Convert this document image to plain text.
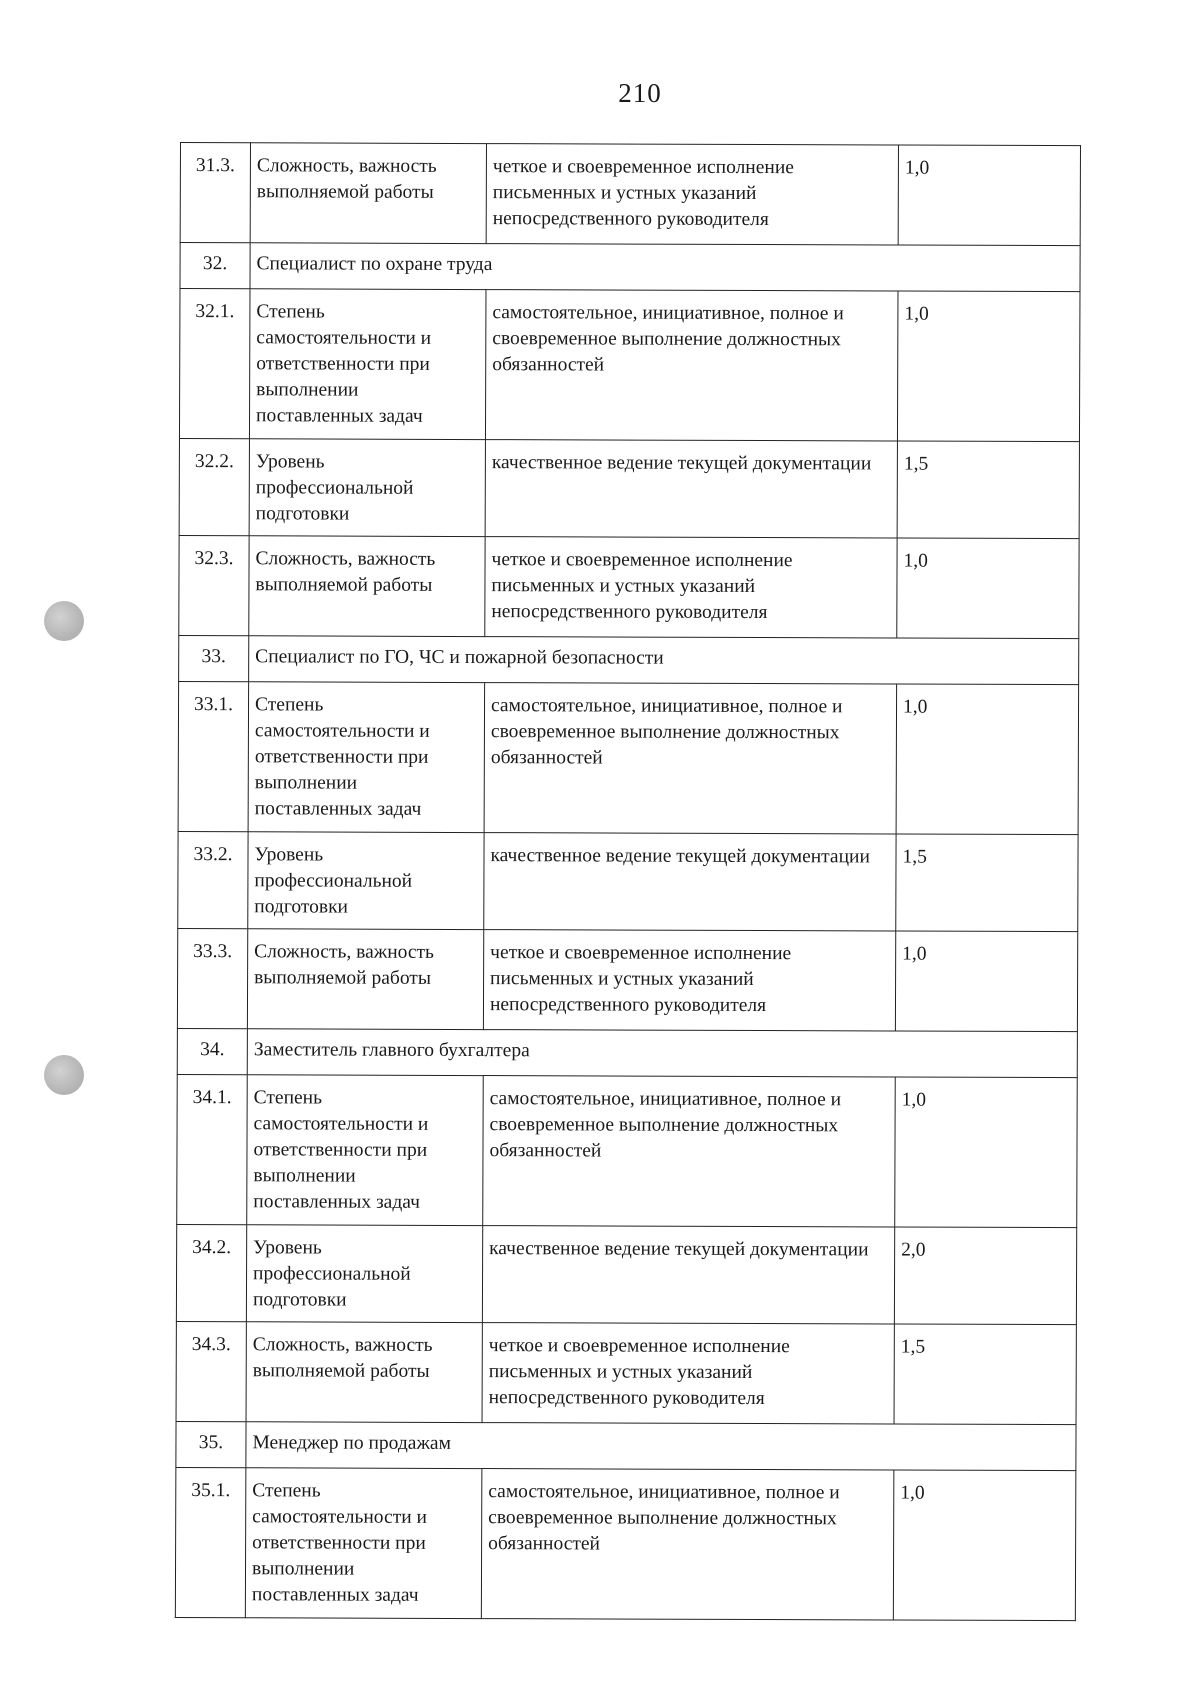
210
31.3.	Сложность, важность выполняемой работы	четкое и своевременное исполнение письменных и устных указаний непосредственного руководителя	1,0
32.	Специалист по охране труда		
32.1.	Степень самостоятельности и ответственности при выполнении поставленных задач	самостоятельное, инициативное, полное и своевременное выполнение должностных обязанностей	1,0
32.2.	Уровень профессиональной подготовки	качественное ведение текущей документации	1,5
32.3.	Сложность, важность выполняемой работы	четкое и своевременное исполнение письменных и устных указаний непосредственного руководителя	1,0
33.	Специалист по ГО, ЧС и пожарной безопасности		
33.1.	Степень самостоятельности и ответственности при выполнении поставленных задач	самостоятельное, инициативное, полное и своевременное выполнение должностных обязанностей	1,0
33.2.	Уровень профессиональной подготовки	качественное ведение текущей документации	1,5
33.3.	Сложность, важность выполняемой работы	четкое и своевременное исполнение письменных и устных указаний непосредственного руководителя	1,0
34.	Заместитель главного бухгалтера		
34.1.	Степень самостоятельности и ответственности при выполнении поставленных задач	самостоятельное, инициативное, полное и своевременное выполнение должностных обязанностей	1,0
34.2.	Уровень профессиональной подготовки	качественное ведение текущей документации	2,0
34.3.	Сложность, важность выполняемой работы	четкое и своевременное исполнение письменных и устных указаний непосредственного руководителя	1,5
35.	Менеджер по продажам		
35.1.	Степень самостоятельности и ответственности при выполнении поставленных задач	самостоятельное, инициативное, полное и своевременное выполнение должностных обязанностей	1,0
